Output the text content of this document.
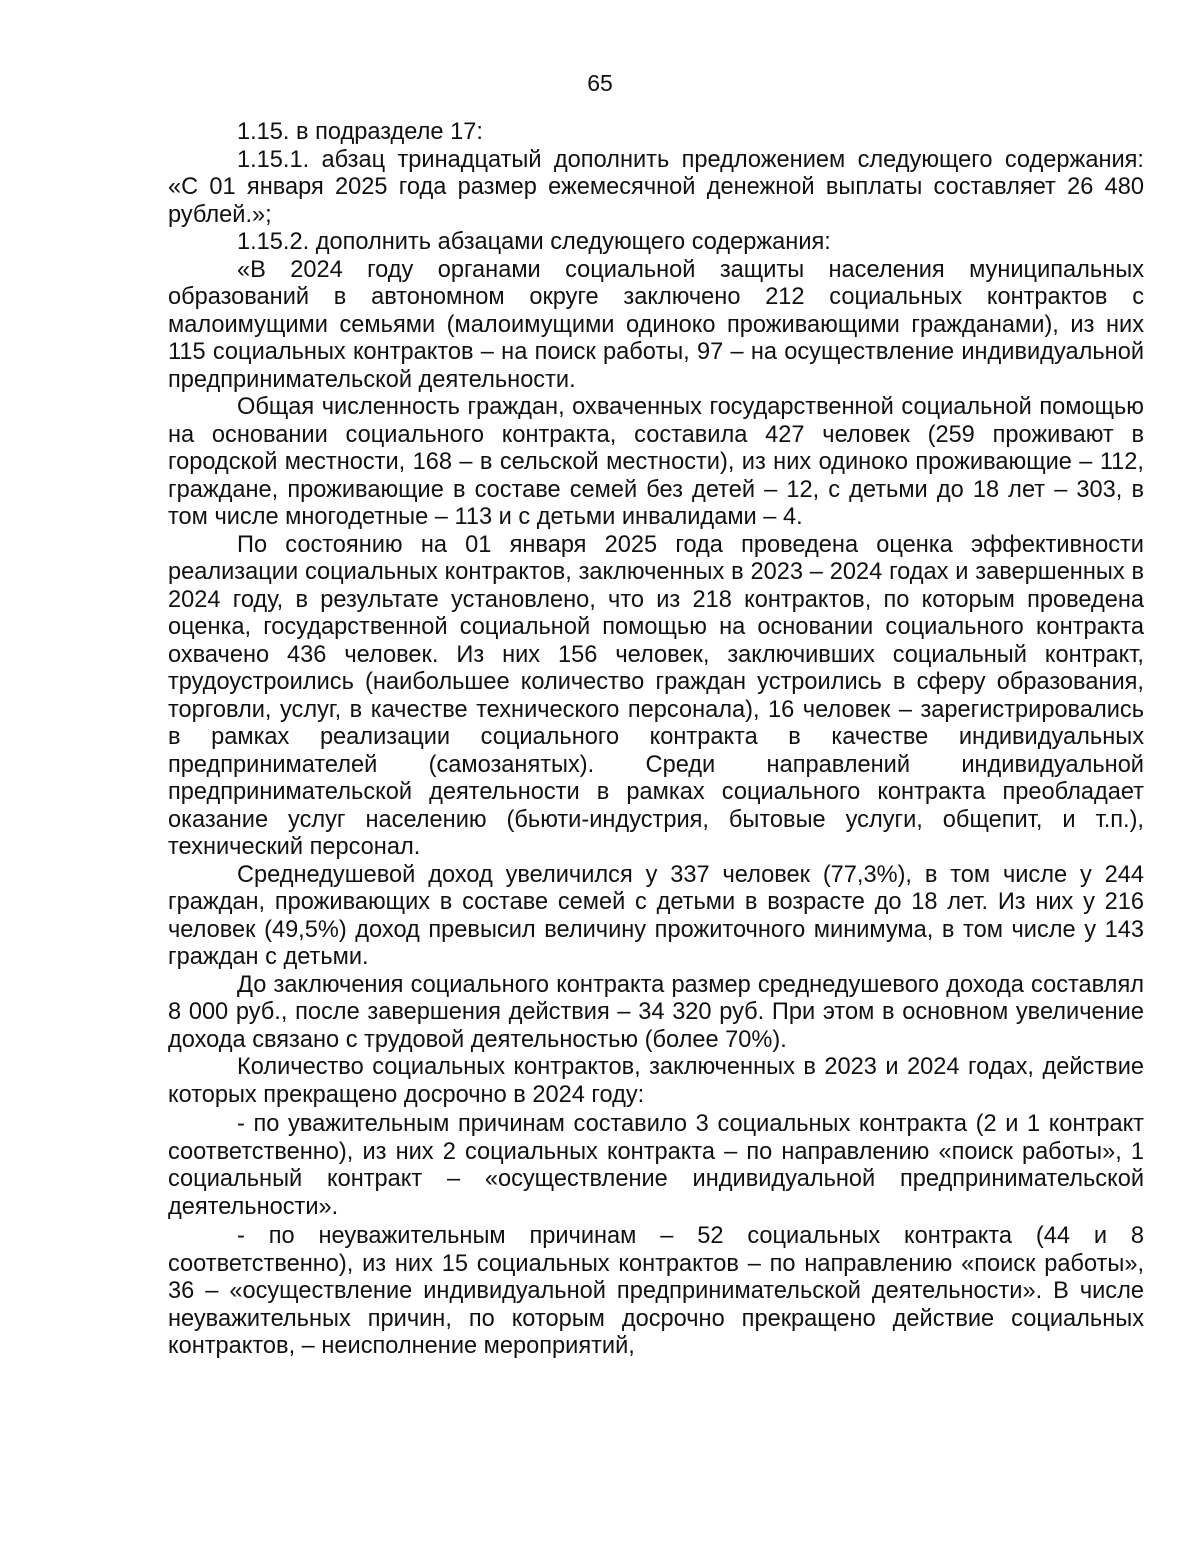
65

1.15. в подразделе 17:

1.15.1. абзац тринадцатый дополнить предложением следующего содержания: «С 01 января 2025 года размер ежемесячной денежной выплаты составляет 26 480 рублей.»;

1.15.2. дополнить абзацами следующего содержания:

«В 2024 году органами социальной защиты населения муниципальных образований в автономном округе заключено 212 социальных контрактов с малоимущими семьями (малоимущими одиноко проживающими гражданами), из них 115 социальных контрактов – на поиск работы, 97 – на осуществление индивидуальной предпринимательской деятельности.

Общая численность граждан, охваченных государственной социальной помощью на основании социального контракта, составила 427 человек (259 проживают в городской местности, 168 – в сельской местности), из них одиноко проживающие – 112, граждане, проживающие в составе семей без детей – 12, с детьми до 18 лет – 303, в том числе многодетные – 113 и с детьми инвалидами – 4.

По состоянию на 01 января 2025 года проведена оценка эффективности реализации социальных контрактов, заключенных в 2023 – 2024 годах и завершенных в 2024 году, в результате установлено, что из 218 контрактов, по которым проведена оценка, государственной социальной помощью на основании социального контракта охвачено 436 человек. Из них 156 человек, заключивших социальный контракт, трудоустроились (наибольшее количество граждан устроились в сферу образования, торговли, услуг, в качестве технического персонала), 16 человек – зарегистрировались в рамках реализации социального контракта в качестве индивидуальных предпринимателей (самозанятых). Среди направлений индивидуальной предпринимательской деятельности в рамках социального контракта преобладает оказание услуг населению (бьюти-индустрия, бытовые услуги, общепит, и т.п.), технический персонал.

Среднедушевой доход увеличился у 337 человек (77,3%), в том числе у 244 граждан, проживающих в составе семей с детьми в возрасте до 18 лет. Из них у 216 человек (49,5%) доход превысил величину прожиточного минимума, в том числе у 143 граждан с детьми.

До заключения социального контракта размер среднедушевого дохода составлял 8 000 руб., после завершения действия – 34 320 руб. При этом в основном увеличение дохода связано с трудовой деятельностью (более 70%).

Количество социальных контрактов, заключенных в 2023 и 2024 годах, действие которых прекращено досрочно в 2024 году:

- по уважительным причинам составило 3 социальных контракта (2 и 1 контракт соответственно), из них 2 социальных контракта – по направлению «поиск работы», 1 социальный контракт – «осуществление индивидуальной предпринимательской деятельности».

- по неуважительным причинам – 52 социальных контракта (44 и 8 соответственно), из них 15 социальных контрактов – по направлению «поиск работы», 36 – «осуществление индивидуальной предпринимательской деятельности». В числе неуважительных причин, по которым досрочно прекращено действие социальных контрактов, – неисполнение мероприятий,
